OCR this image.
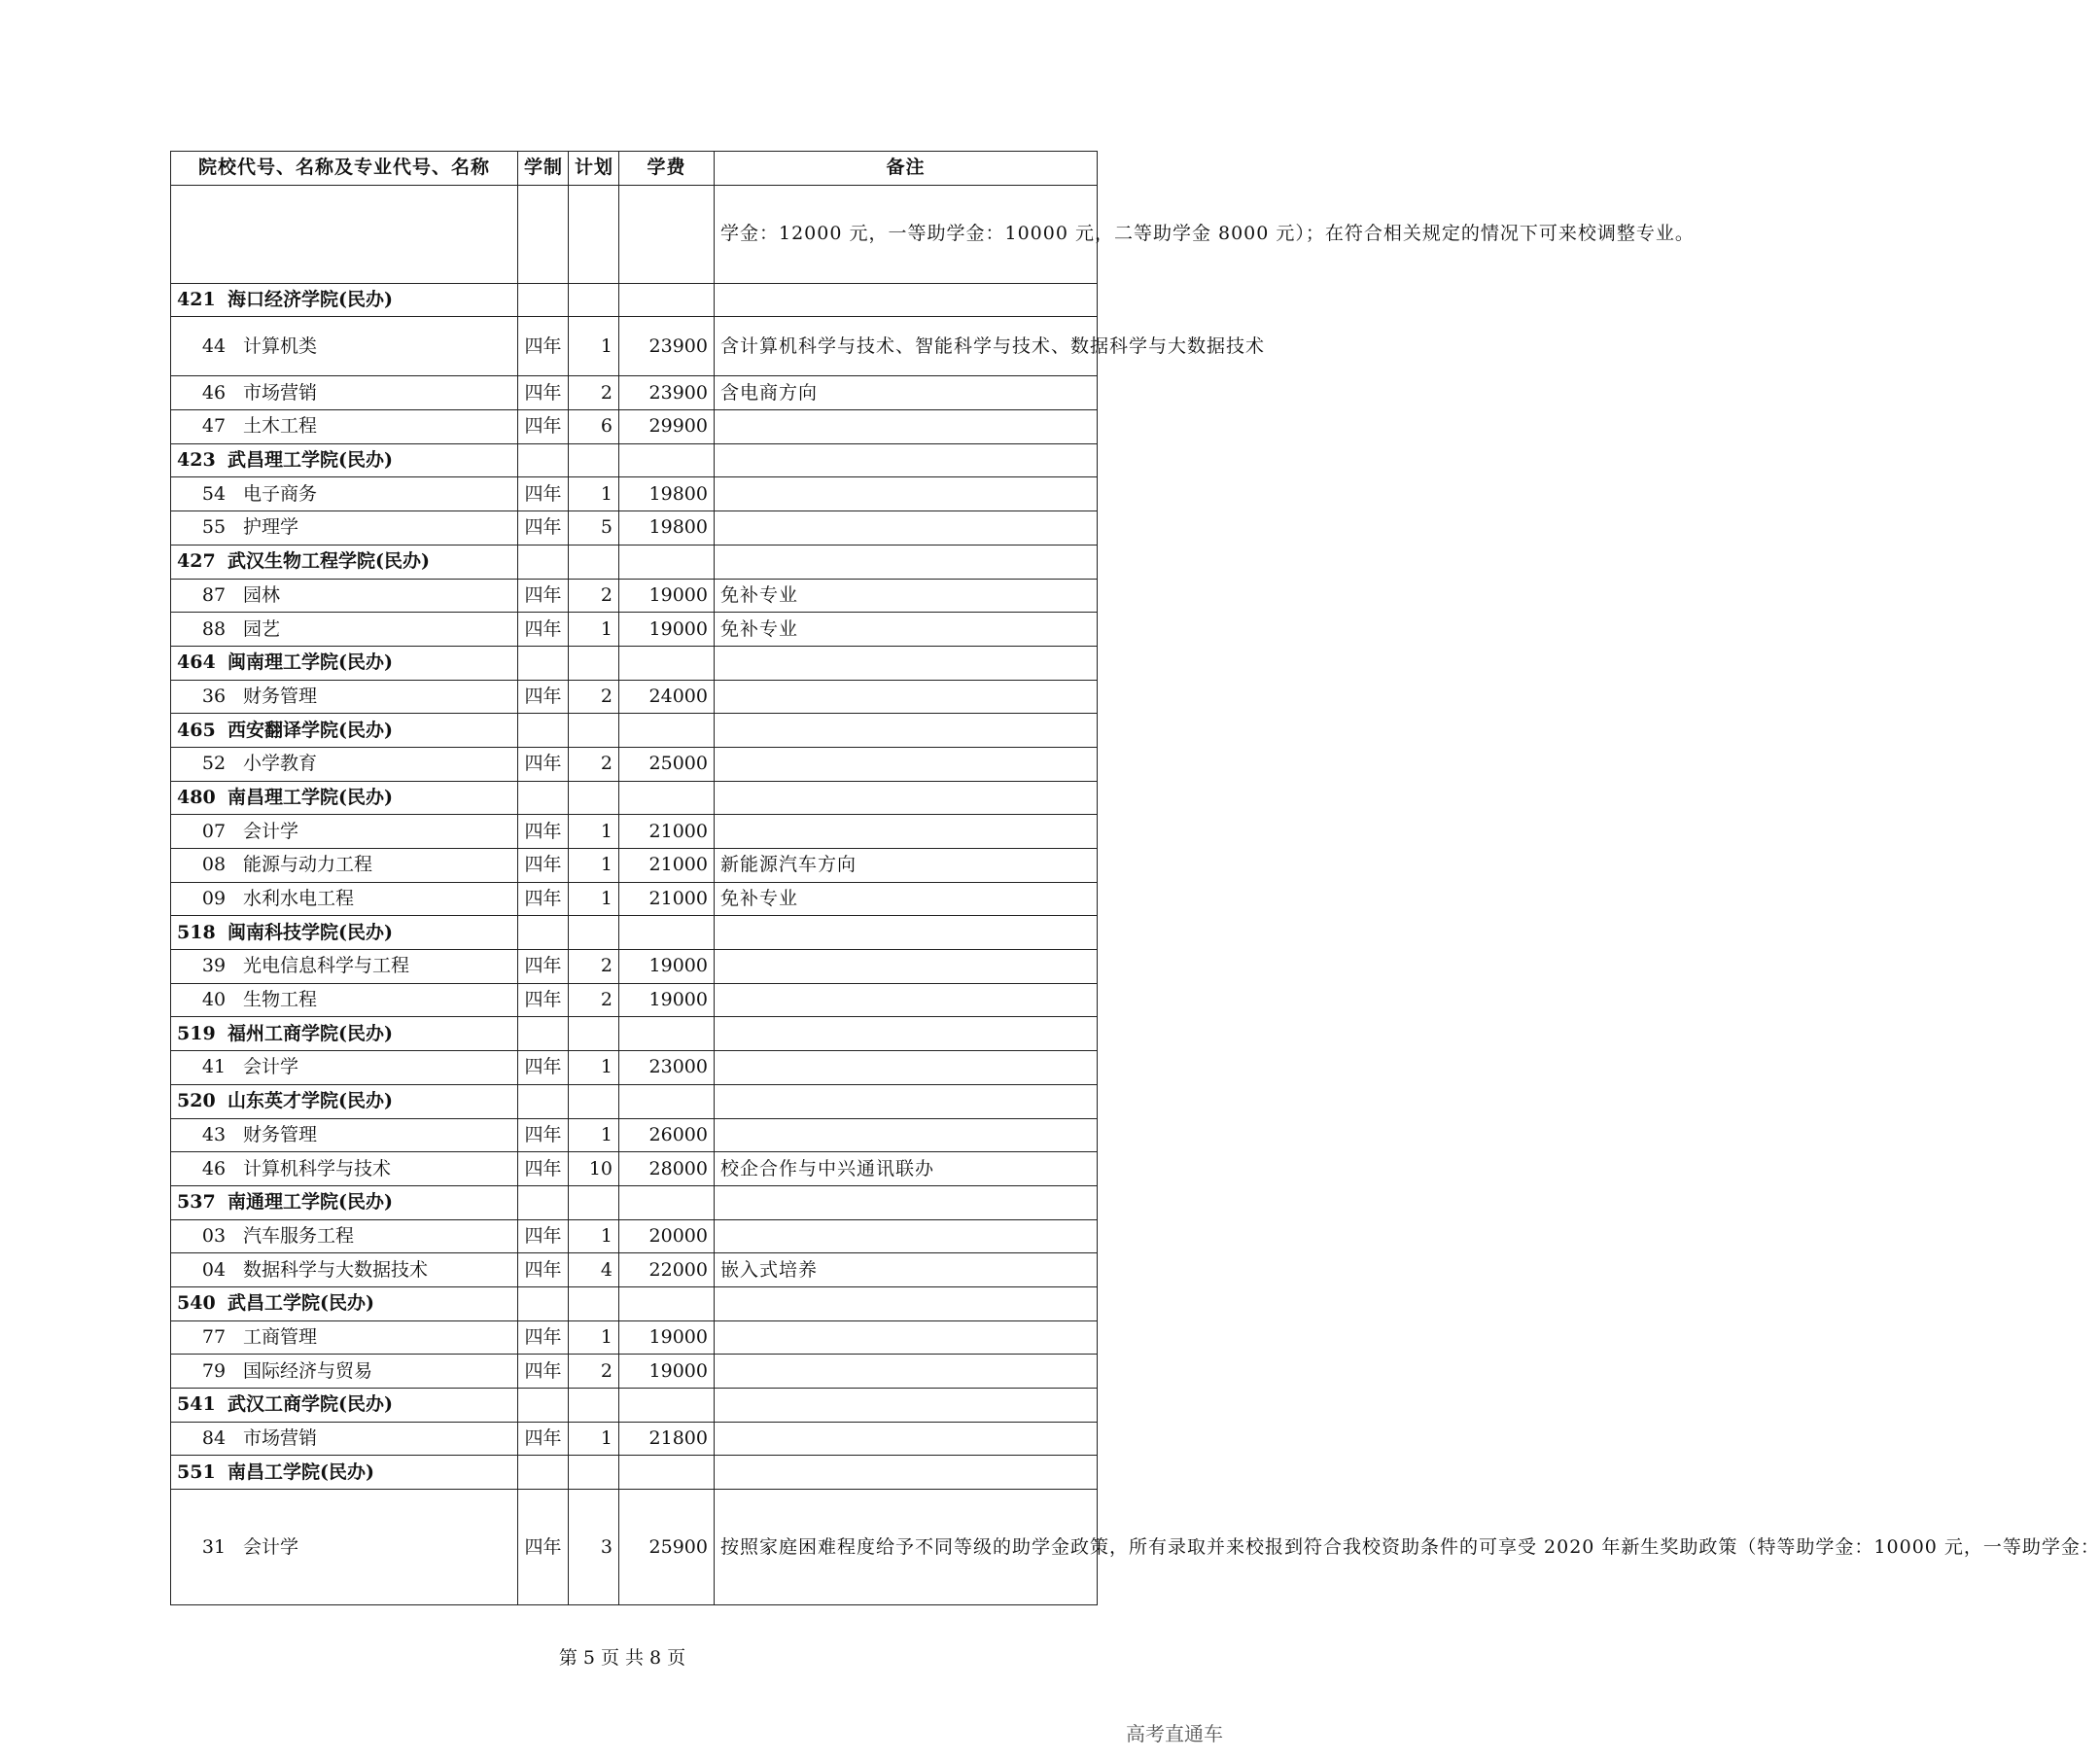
院校代号、名称及专业代号、名称	学制	计划	学费	备注
				学金：12000 元，一等助学金：10000 元，二等助学金 8000 元）；在符合相关规定的情况下可来校调整专业。
421 海口经济学院(民办)				
44 计算机类	四年	1	23900	含计算机科学与技术、智能科学与技术、数据科学与大数据技术
46 市场营销	四年	2	23900	含电商方向
47 土木工程	四年	6	29900	
423 武昌理工学院(民办)				
54 电子商务	四年	1	19800	
55 护理学	四年	5	19800	
427 武汉生物工程学院(民办)				
87 园林	四年	2	19000	免补专业
88 园艺	四年	1	19000	免补专业
464 闽南理工学院(民办)				
36 财务管理	四年	2	24000	
465 西安翻译学院(民办)				
52 小学教育	四年	2	25000	
480 南昌理工学院(民办)				
07 会计学	四年	1	21000	
08 能源与动力工程	四年	1	21000	新能源汽车方向
09 水利水电工程	四年	1	21000	免补专业
518 闽南科技学院(民办)				
39 光电信息科学与工程	四年	2	19000	
40 生物工程	四年	2	19000	
519 福州工商学院(民办)				
41 会计学	四年	1	23000	
520 山东英才学院(民办)				
43 财务管理	四年	1	26000	
46 计算机科学与技术	四年	10	28000	校企合作与中兴通讯联办
537 南通理工学院(民办)				
03 汽车服务工程	四年	1	20000	
04 数据科学与大数据技术	四年	4	22000	嵌入式培养
540 武昌工学院(民办)				
77 工商管理	四年	1	19000	
79 国际经济与贸易	四年	2	19000	
541 武汉工商学院(民办)				
84 市场营销	四年	1	21800	
551 南昌工学院(民办)				
31 会计学	四年	3	25900	按照家庭困难程度给予不同等级的助学金政策，所有录取并来校报到符合我校资助条件的可享受 2020 年新生奖助政策（特等助学金：10000 元，一等助学金：
第 5 页 共 8 页
高考直通车
